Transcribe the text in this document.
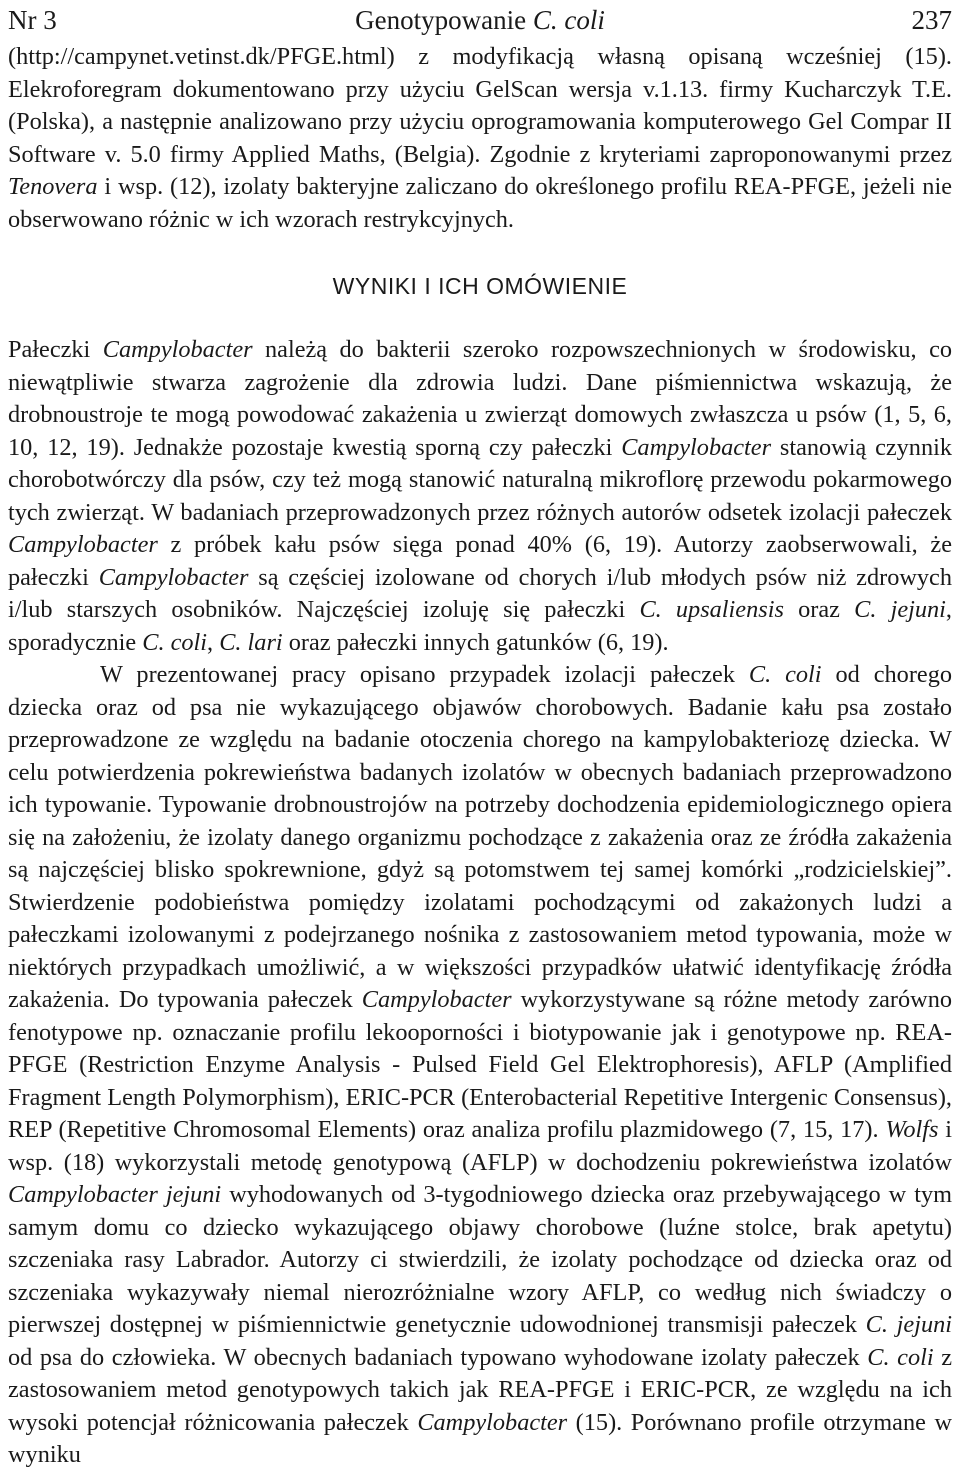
Nr 3	Genotypowanie C. coli	237

(http://campynet.vetinst.dk/PFGE.html) z modyfikacją własną opisaną wcześniej (15). Elekroforegram dokumentowano przy użyciu GelScan wersja v.1.13. firmy Kucharczyk T.E. (Polska), a następnie analizowano przy użyciu oprogramowania komputerowego Gel Compar II Software v. 5.0 firmy Applied Maths, (Belgia). Zgodnie z kryteriami zaproponowanymi przez Tenovera i wsp. (12), izolaty bakteryjne zaliczano do określonego profilu REA-PFGE, jeżeli nie obserwowano różnic w ich wzorach restrykcyjnych.

WYNIKI I ICH OMÓWIENIE

Pałeczki Campylobacter należą do bakterii szeroko rozpowszechnionych w środowisku, co niewątpliwie stwarza zagrożenie dla zdrowia ludzi. Dane piśmiennictwa wskazują, że drobnoustroje te mogą powodować zakażenia u zwierząt domowych zwłaszcza u psów (1, 5, 6, 10, 12, 19). Jednakże pozostaje kwestią sporną czy pałeczki Campylobacter stanowią czynnik chorobotwórczy dla psów, czy też mogą stanowić naturalną mikroflorę przewodu pokarmowego tych zwierząt. W badaniach przeprowadzonych przez różnych autorów odsetek izolacji pałeczek Campylobacter z próbek kału psów sięga ponad 40% (6, 19). Autorzy zaobserwowali, że pałeczki Campylobacter są częściej izolowane od chorych i/lub młodych psów niż zdrowych i/lub starszych osobników. Najczęściej izoluję się pałeczki C. upsaliensis oraz C. jejuni, sporadycznie C. coli, C. lari oraz pałeczki innych gatunków (6, 19).

W prezentowanej pracy opisano przypadek izolacji pałeczek C. coli od chorego dziecka oraz od psa nie wykazującego objawów chorobowych. Badanie kału psa zostało przeprowadzone ze względu na badanie otoczenia chorego na kampylobakteriozę dziecka. W celu potwierdzenia pokrewieństwa badanych izolatów w obecnych badaniach przeprowadzono ich typowanie. Typowanie drobnoustrojów na potrzeby dochodzenia epidemiologicznego opiera się na założeniu, że izolaty danego organizmu pochodzące z zakażenia oraz ze źródła zakażenia są najczęściej blisko spokrewnione, gdyż są potomstwem tej samej komórki „rodzicielskiej”. Stwierdzenie podobieństwa pomiędzy izolatami pochodzącymi od zakażonych ludzi a pałeczkami izolowanymi z podejrzanego nośnika z zastosowaniem metod typowania, może w niektórych przypadkach umożliwić, a w większości przypadków ułatwić identyfikację źródła zakażenia. Do typowania pałeczek Campylobacter wykorzystywane są różne metody zarówno fenotypowe np. oznaczanie profilu lekooporności i biotypowanie jak i genotypowe np. REA-PFGE (Restriction Enzyme Analysis - Pulsed Field Gel Elektrophoresis), AFLP (Amplified Fragment Length Polymorphism), ERIC-PCR (Enterobacterial Repetitive Intergenic Consensus), REP (Repetitive Chromosomal Elements) oraz analiza profilu plazmidowego (7, 15, 17). Wolfs i wsp. (18) wykorzystali metodę genotypową (AFLP) w dochodzeniu pokrewieństwa izolatów Campylobacter jejuni wyhodowanych od 3-tygodniowego dziecka oraz przebywającego w tym samym domu co dziecko wykazującego objawy chorobowe (luźne stolce, brak apetytu) szczeniaka rasy Labrador. Autorzy ci stwierdzili, że izolaty pochodzące od dziecka oraz od szczeniaka wykazywały niemal nierozróżnialne wzory AFLP, co według nich świadczy o pierwszej dostępnej w piśmiennictwie genetycznie udowodnionej transmisji pałeczek C. jejuni od psa do człowieka. W obecnych badaniach typowano wyhodowane izolaty pałeczek C. coli z zastosowaniem metod genotypowych takich jak REA-PFGE i ERIC-PCR, ze względu na ich wysoki potencjał różnicowania pałeczek Campylobacter (15). Porównano profile otrzymane w wyniku
